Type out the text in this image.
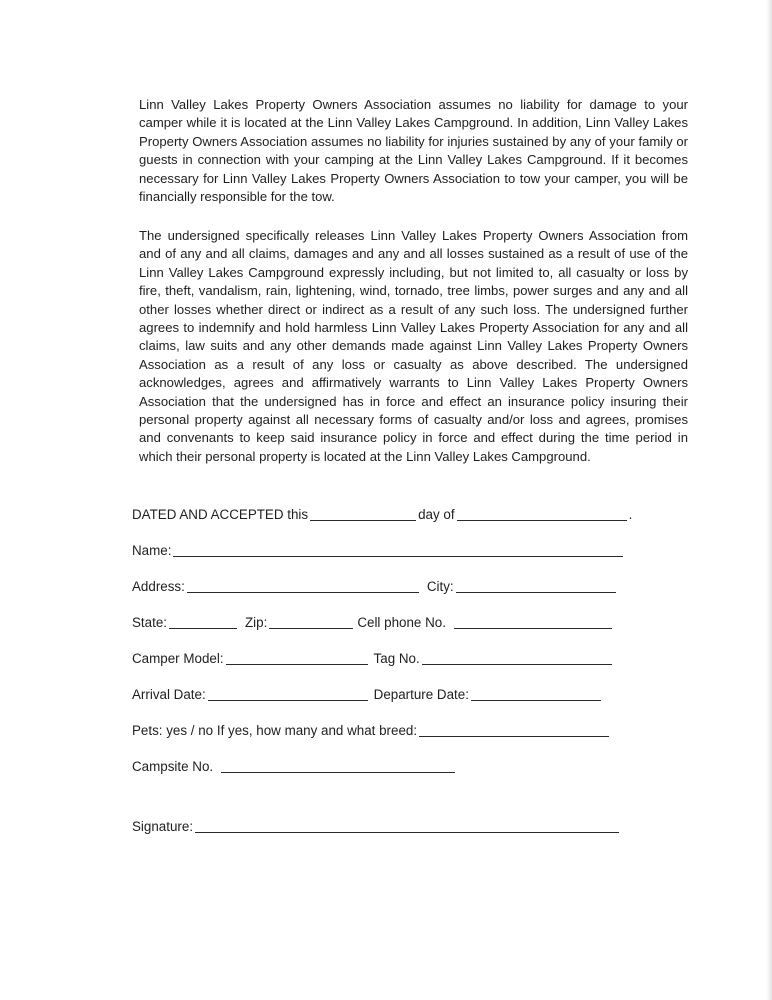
Linn Valley Lakes Property Owners Association assumes no liability for damage to your camper while it is located at the Linn Valley Lakes Campground. In addition, Linn Valley Lakes Property Owners Association assumes no liability for injuries sustained by any of your family or guests in connection with your camping at the Linn Valley Lakes Campground. If it becomes necessary for Linn Valley Lakes Property Owners Association to tow your camper, you will be financially responsible for the tow.

The undersigned specifically releases Linn Valley Lakes Property Owners Association from and of any and all claims, damages and any and all losses sustained as a result of use of the Linn Valley Lakes Campground expressly including, but not limited to, all casualty or loss by fire, theft, vandalism, rain, lightening, wind, tornado, tree limbs, power surges and any and all other losses whether direct or indirect as a result of any such loss. The undersigned further agrees to indemnify and hold harmless Linn Valley Lakes Property Association for any and all claims, law suits and any other demands made against Linn Valley Lakes Property Owners Association as a result of any loss or casualty as above described. The undersigned acknowledges, agrees and affirmatively warrants to Linn Valley Lakes Property Owners Association that the undersigned has in force and effect an insurance policy insuring their personal property against all necessary forms of casualty and/or loss and agrees, promises and convenants to keep said insurance policy in force and effect during the time period in which their personal property is located at the Linn Valley Lakes Campground.

DATED AND ACCEPTED this	day of	.
Name:
Address:	City:
State:	Zip:	Cell phone No.
Camper Model:	Tag No.
Arrival Date:	Departure Date:
Pets: yes / no If yes, how many and what breed:
Campsite No.
Signature:
